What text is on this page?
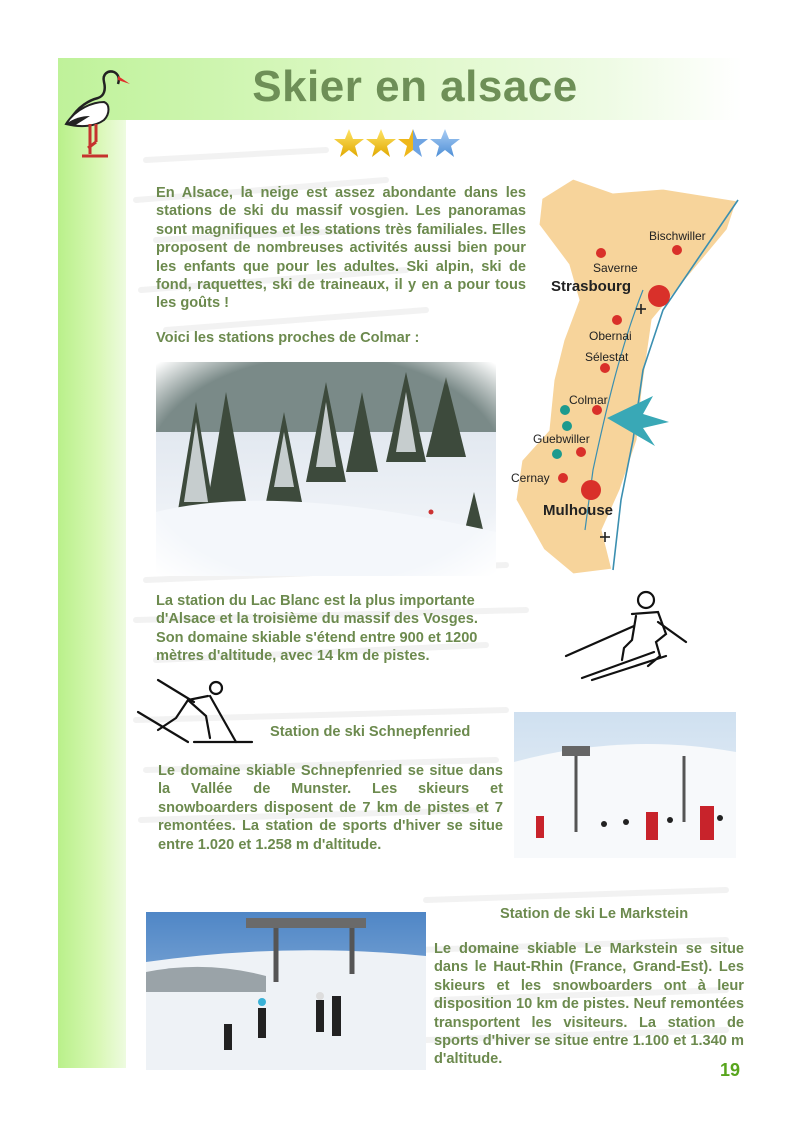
Skier en alsace
En Alsace, la neige est assez abondante dans les stations de ski du massif vosgien. Les panoramas sont magnifiques et les stations très familiales. Elles proposent de nombreuses activités aussi bien pour les enfants que pour les adultes. Ski alpin, ski de fond, raquettes, ski de traineaux, il y en a pour tous les goûts !
Voici les stations proches de Colmar :
Bischwiller
Saverne
Strasbourg
Obernai
Sélestat
Colmar
Guebwiller
Cernay
Mulhouse
La station du Lac Blanc est la plus importante
d'Alsace et la troisième du massif des Vosges.
Son domaine skiable s'étend entre 900 et 1200
mètres d'altitude, avec 14 km de pistes.
Station de ski Schnepfenried
Le domaine skiable Schnepfenried se situe dans la Vallée de Munster. Les skieurs et snowboarders disposent de 7 km de pistes et 7 remontées. La station de sports d'hiver se situe entre 1.020 et 1.258 m d'altitude.
Station de ski Le Markstein
Le domaine skiable Le Markstein se situe dans le Haut-Rhin (France, Grand-Est). Les skieurs et les snowboarders ont à leur disposition 10 km de pistes. Neuf remontées transportent les visiteurs. La station de sports d'hiver se situe entre 1.100 et 1.340 m d'altitude.
19
